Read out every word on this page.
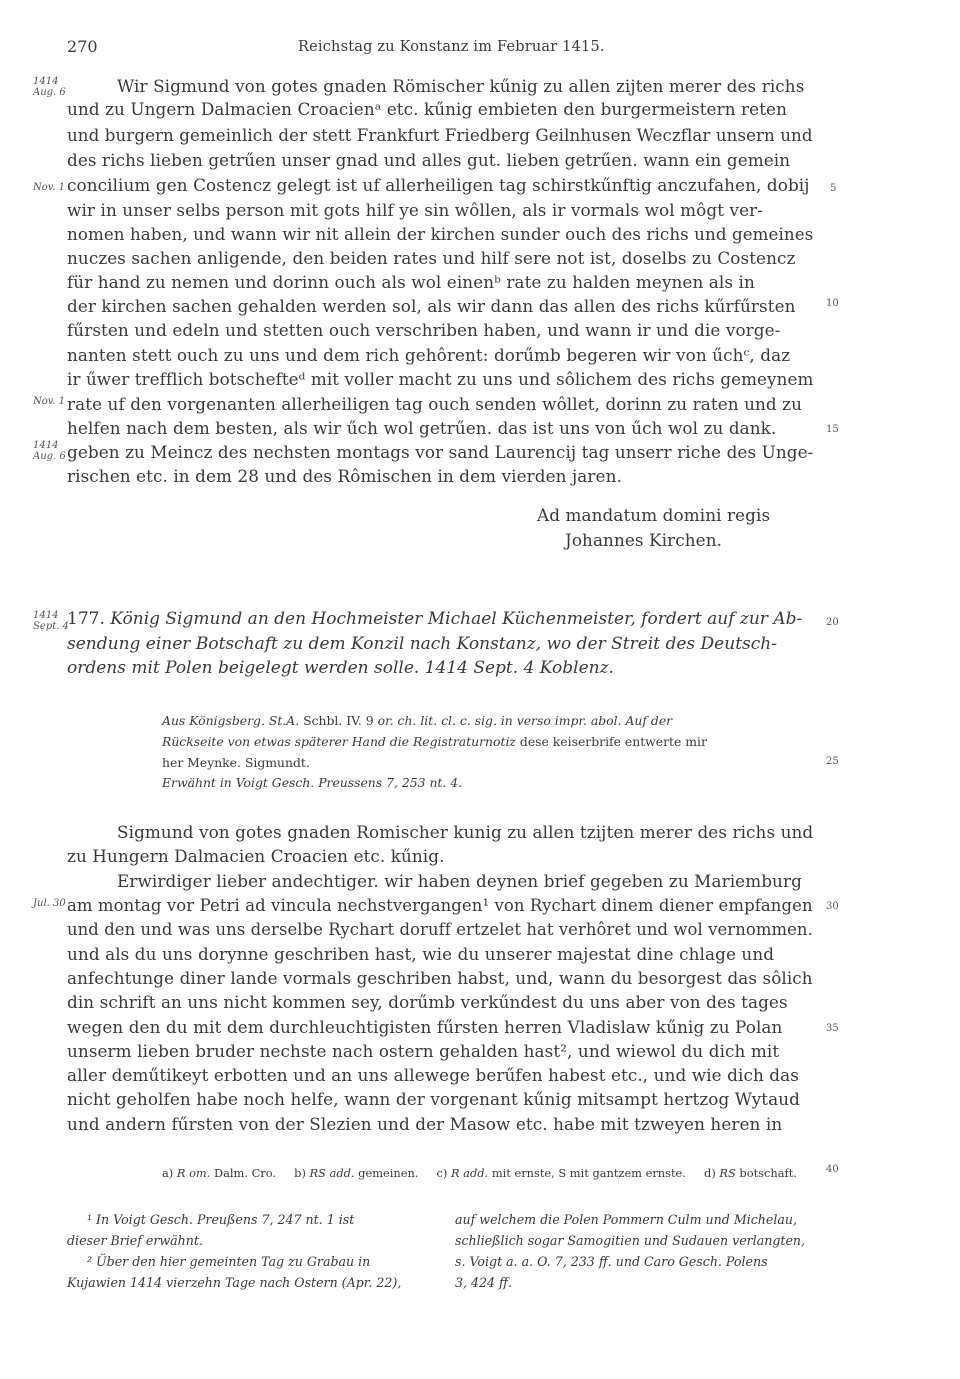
270	Reichstag zu Konstanz im Februar 1415.
1414
Aug. 6
Nov. 1
Nov. 1
1414
Aug. 6
1414
Sept. 4
Jul. 30
5
10
15
20
25
30
35
40
Wir Sigmund von gotes gnaden Römischer kűnig zu allen zijten merer des richs
und zu Ungern Dalmacien Croacienᵃ etc. kűnig embieten den burgermeistern reten
und burgern gemeinlich der stett Frankfurt Friedberg Geilnhusen Weczflar unsern und
des richs lieben getrűen unser gnad und alles gut. lieben getrűen. wann ein gemein
concilium gen Costencz gelegt ist uf allerheiligen tag schirstkűnftig anczufahen, dobij
wir in unser selbs person mit gots hilf ye sin wôllen, als ir vormals wol môgt ver-
nomen haben, und wann wir nit allein der kirchen sunder ouch des richs und gemeines
nuczes sachen anligende, den beiden rates und hilf sere not ist, doselbs zu Costencz
für hand zu nemen und dorinn ouch als wol einenᵇ rate zu halden meynen als in
der kirchen sachen gehalden werden sol, als wir dann das allen des richs kűrfűrsten
fűrsten und edeln und stetten ouch verschriben haben, und wann ir und die vorge-
nanten stett ouch zu uns und dem rich gehôrent: dorűmb begeren wir von űchᶜ, daz
ir űwer trefflich botschefteᵈ mit voller macht zu uns und sôlichem des richs gemeynem
rate uf den vorgenanten allerheiligen tag ouch senden wôllet, dorinn zu raten und zu
helfen nach dem besten, als wir űch wol getrűen. das ist uns von űch wol zu dank.
geben zu Meincz des nechsten montags vor sand Laurencij tag unserr riche des Unge-
rischen etc. in dem 28 und des Rômischen in dem vierden jaren.
Ad mandatum domini regis
Johannes Kirchen.
177. König Sigmund an den Hochmeister Michael Küchenmeister, fordert auf zur Ab-
sendung einer Botschaft zu dem Konzil nach Konstanz, wo der Streit des Deutsch-
ordens mit Polen beigelegt werden solle. 1414 Sept. 4 Koblenz.
Aus Königsberg. St.A. Schbl. IV. 9 or. ch. lit. cl. c. sig. in verso impr. abol. Auf der
Rückseite von etwas späterer Hand die Registraturnotiz dese keiserbrife entwerte mir
her Meynke. Sigmundt.
Erwähnt in Voigt Gesch. Preussens 7, 253 nt. 4.
Sigmund von gotes gnaden Romischer kunig zu allen tzijten merer des richs und
zu Hungern Dalmacien Croacien etc. kűnig.
Erwirdiger lieber andechtiger. wir haben deynen brief gegeben zu Mariemburg
am montag vor Petri ad vincula nechstvergangen¹ von Rychart dinem diener empfangen
und den und was uns derselbe Rychart doruff ertzelet hat verhôret und wol vernommen.
und als du uns dorynne geschriben hast, wie du unserer majestat dine chlage und
anfechtunge diner lande vormals geschriben habst, und, wann du besorgest das sôlich
din schrift an uns nicht kommen sey, dorűmb verkűndest du uns aber von des tages
wegen den du mit dem durchleuchtigisten fűrsten herren Vladislaw kűnig zu Polan
unserm lieben bruder nechste nach ostern gehalden hast², und wiewol du dich mit
aller deműtikeyt erbotten und an uns allewege berűfen habest etc., und wie dich das
nicht geholfen habe noch helfe, wann der vorgenant kűnig mitsampt hertzog Wytaud
und andern fűrsten von der Slezien und der Masow etc. habe mit tzweyen heren in
a) R om. Dalm. Cro. b) RS add. gemeinen. c) R add. mit ernste, S mit gantzem ernste. d) RS botschaft.
¹ In Voigt Gesch. Preußens 7, 247 nt. 1 ist
dieser Brief erwähnt.
² Über den hier gemeinten Tag zu Grabau in
Kujawien 1414 vierzehn Tage nach Ostern (Apr. 22),
auf welchem die Polen Pommern Culm und Michelau,
schließlich sogar Samogitien und Sudauen verlangten,
s. Voigt a. a. O. 7, 233 ff. und Caro Gesch. Polens
3, 424 ff.
